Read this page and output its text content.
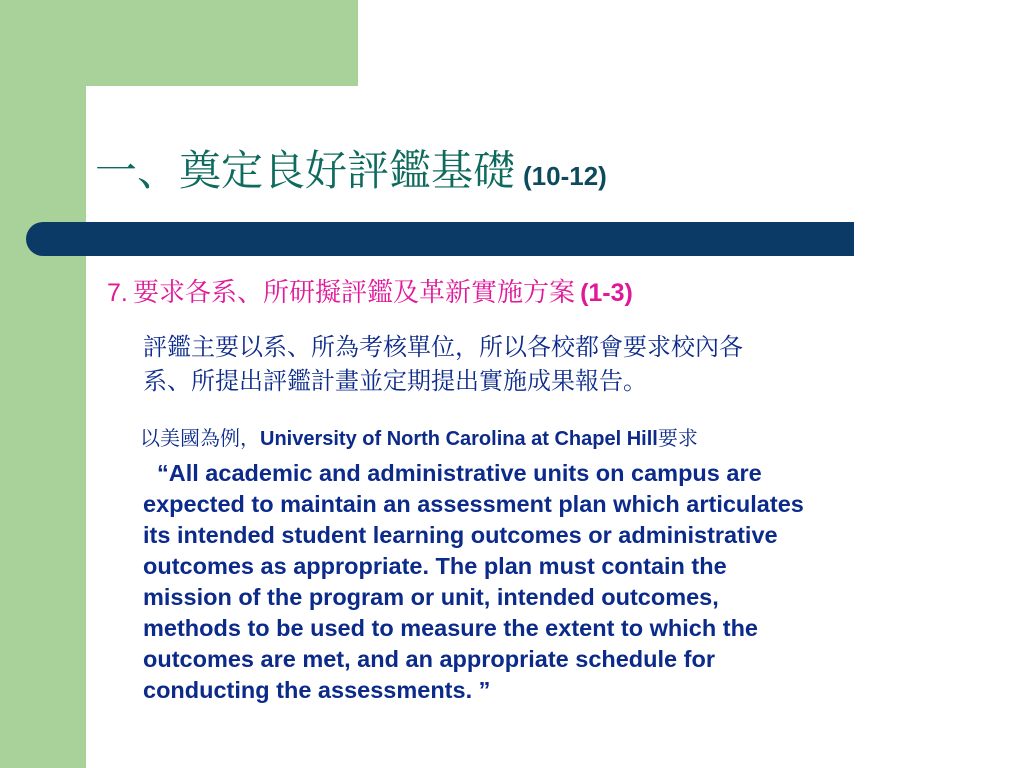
一、奠定良好評鑑基礎 (10-12)
7. 要求各系、所研擬評鑑及革新實施方案 (1-3)
評鑑主要以系、所為考核單位，所以各校都會要求校內各
系、所提出評鑑計畫並定期提出實施成果報告。
以美國為例，University of North Carolina at Chapel Hill要求
“All academic and administrative units on campus are
expected to maintain an assessment plan which articulates
its intended student learning outcomes or administrative
outcomes as appropriate. The plan must contain the
mission of the program or unit, intended outcomes,
methods to be used to measure the extent to which the
outcomes are met, and an appropriate schedule for
conducting the assessments. ”
